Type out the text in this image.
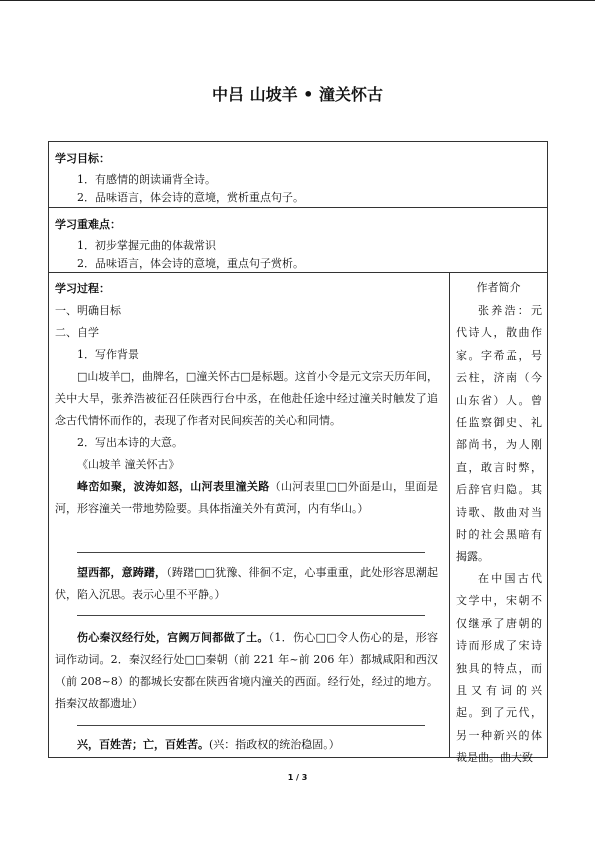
中吕 山坡羊 • 潼关怀古
学习目标：
1．有感情的朗读诵背全诗。
2．品味语言，体会诗的意境，赏析重点句子。
学习重难点：
1．初步掌握元曲的体裁常识
2．品味语言，体会诗的意境，重点句子赏析。
学习过程：
一、明确目标
二、自学
1．写作背景
□山坡羊□，曲牌名，□潼关怀古□是标题。这首小令是元文宗天历年间，关中大旱，张养浩被征召任陕西行台中丞，在他赴任途中经过潼关时触发了追念古代情怀而作的，表现了作者对民间疾苦的关心和同情。
2．写出本诗的大意。
《山坡羊 潼关怀古》
峰峦如聚，波涛如怒，山河表里潼关路（山河表里□□外面是山，里面是河，形容潼关一带地势险要。具体指潼关外有黄河，内有华山。）
望西都，意踌躇，（踌躇□□犹豫、徘徊不定，心事重重，此处形容思潮起伏，陷入沉思。表示心里不平静。）
伤心秦汉经行处，宫阙万间都做了土。（1．伤心□□令人伤心的是，形容词作动词。2．秦汉经行处□□秦朝（前 221 年~前 206 年）都城咸阳和西汉（前 208~8）的都城长安都在陕西省境内潼关的西面。经行处，经过的地方。指秦汉故都遗址）
兴，百姓苦；亡，百姓苦。(兴：指政权的统治稳固。）
作者简介
张养浩：元代诗人，散曲作家。字希孟，号云柱，济南（今山东省）人。曾任监察御史、礼部尚书，为人刚直，敢言时弊，后辞官归隐。其诗歌、散曲对当时的社会黑暗有揭露。
在中国古代文学中，宋朝不仅继承了唐朝的诗而形成了宋诗独具的特点，而且又有词的兴起。到了元代，另一种新兴的体裁是曲。曲大致
1 / 3
